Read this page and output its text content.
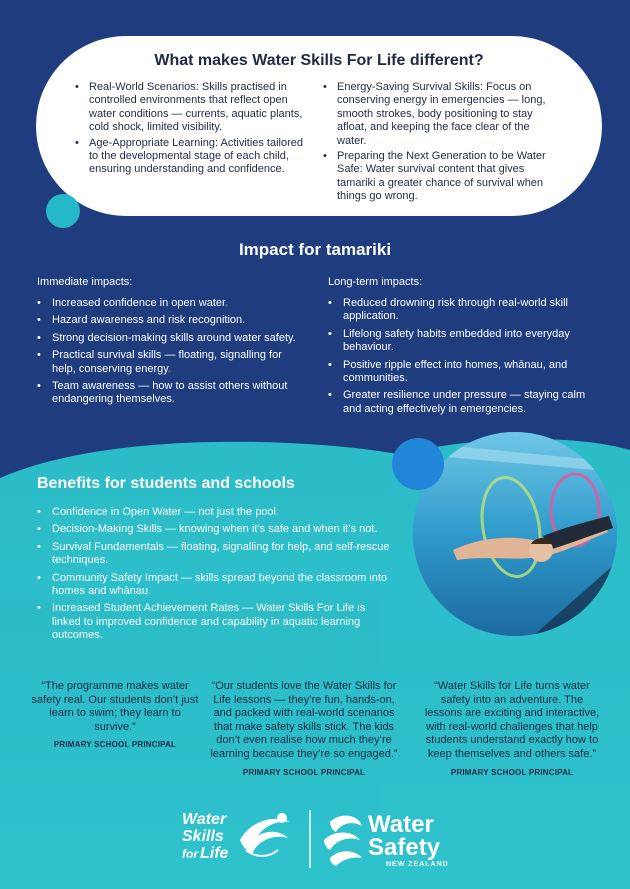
What makes Water Skills For Life different?
• Real-World Scenarios: Skills practised in controlled environments that reflect open water conditions — currents, aquatic plants, cold shock, limited visibility.
• Age-Appropriate Learning: Activities tailored to the developmental stage of each child, ensuring understanding and confidence.
• Energy-Saving Survival Skills: Focus on conserving energy in emergencies — long, smooth strokes, body positioning to stay afloat, and keeping the face clear of the water.
• Preparing the Next Generation to be Water Safe: Water survival content that gives tamariki a greater chance of survival when things go wrong.
Impact for tamariki
Immediate impacts:
• Increased confidence in open water.
• Hazard awareness and risk recognition.
• Strong decision-making skills around water safety.
• Practical survival skills — floating, signalling for help, conserving energy.
• Team awareness — how to assist others without endangering themselves.
Long-term impacts:
• Reduced drowning risk through real-world skill application.
• Lifelong safety habits embedded into everyday behaviour.
• Positive ripple effect into homes, whānau, and communities.
• Greater resilience under pressure — staying calm and acting effectively in emergencies.
Benefits for students and schools
• Confidence in Open Water — not just the pool.
• Decision-Making Skills — knowing when it’s safe and when it’s not.
• Survival Fundamentals — floating, signalling for help, and self-rescue techniques.
• Community Safety Impact — skills spread beyond the classroom into homes and whānau.
• Increased Student Achievement Rates — Water Skills For Life is linked to improved confidence and capability in aquatic learning outcomes.
“The programme makes water safety real. Our students don’t just learn to swim; they learn to survive.”
PRIMARY SCHOOL PRINCIPAL
“Our students love the Water Skills for Life lessons — they’re fun, hands-on, and packed with real-world scenarios that make safety skills stick. The kids don’t even realise how much they’re learning because they’re so engaged.”
PRIMARY SCHOOL PRINCIPAL
“Water Skills for Life turns water safety into an adventure. The lessons are exciting and interactive, with real-world challenges that help students understand exactly how to keep themselves and others safe.”
PRIMARY SCHOOL PRINCIPAL
Water
Skills
for Life
Water
Safety
NEW ZEALAND
